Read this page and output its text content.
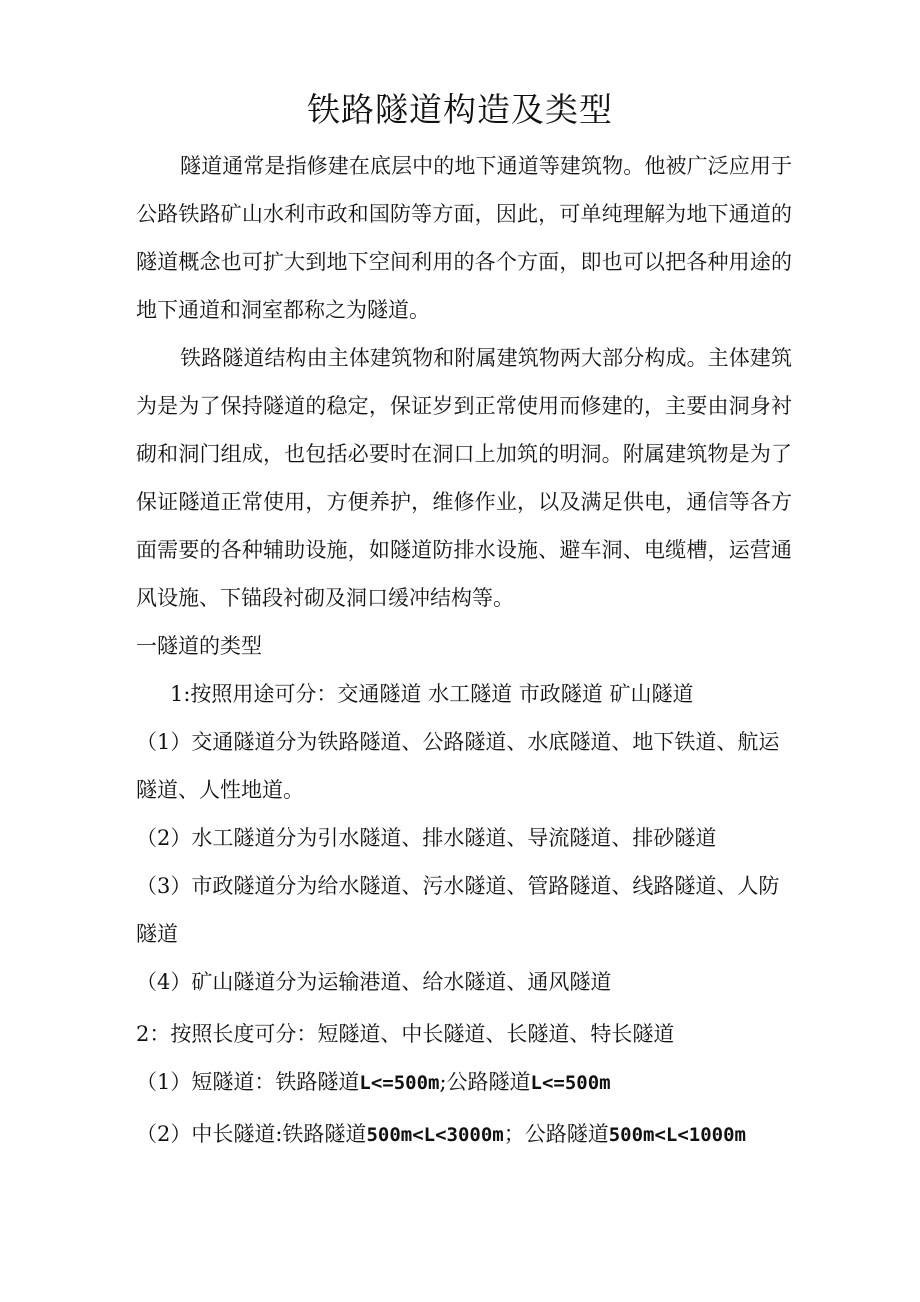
铁路隧道构造及类型

隧道通常是指修建在底层中的地下通道等建筑物。他被广泛应用于公路铁路矿山水利市政和国防等方面，因此，可单纯理解为地下通道的隧道概念也可扩大到地下空间利用的各个方面，即也可以把各种用途的地下通道和洞室都称之为隧道。

铁路隧道结构由主体建筑物和附属建筑物两大部分构成。主体建筑为是为了保持隧道的稳定，保证岁到正常使用而修建的，主要由洞身衬砌和洞门组成，也包括必要时在洞口上加筑的明洞。附属建筑物是为了保证隧道正常使用，方便养护，维修作业，以及满足供电，通信等各方面需要的各种辅助设施，如隧道防排水设施、避车洞、电缆槽，运营通风设施、下锚段衬砌及洞口缓冲结构等。

一隧道的类型

1:按照用途可分：交通隧道 水工隧道 市政隧道 矿山隧道

（1）交通隧道分为铁路隧道、公路隧道、水底隧道、地下铁道、航运隧道、人性地道。

（2）水工隧道分为引水隧道、排水隧道、导流隧道、排砂隧道

（3）市政隧道分为给水隧道、污水隧道、管路隧道、线路隧道、人防隧道

（4）矿山隧道分为运输港道、给水隧道、通风隧道

2：按照长度可分：短隧道、中长隧道、长隧道、特长隧道

（1）短隧道：铁路隧道L<=500m;公路隧道L<=500m

（2）中长隧道:铁路隧道500m<L<3000m；公路隧道500m<L<1000m
